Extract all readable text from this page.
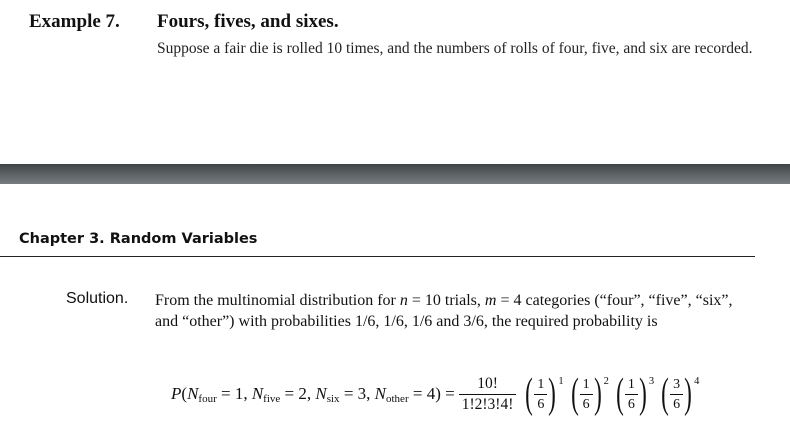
Example 7. Fours, fives, and sixes.
Suppose a fair die is rolled 10 times, and the numbers of rolls of four, five, and six are recorded.
Chapter 3. Random Variables
Solution. From the multinomial distribution for n = 10 trials, m = 4 categories (“four”, “five”, “six”, and “other”) with probabilities 1/6, 1/6, 1/6 and 3/6, the required probability is
$P(N_{four} = 1$, $N_{five} = 2$, $N_{six} = 3$, $N_{other} = 4) = \frac{10!}{1!2!3!4!}$ ( $\frac{1}{6}$ ) 1 ( $\frac{1}{6}$ ) 2 ( $\frac{1}{6}$ ) 3 ( $\frac{3}{6}$ ) 4
